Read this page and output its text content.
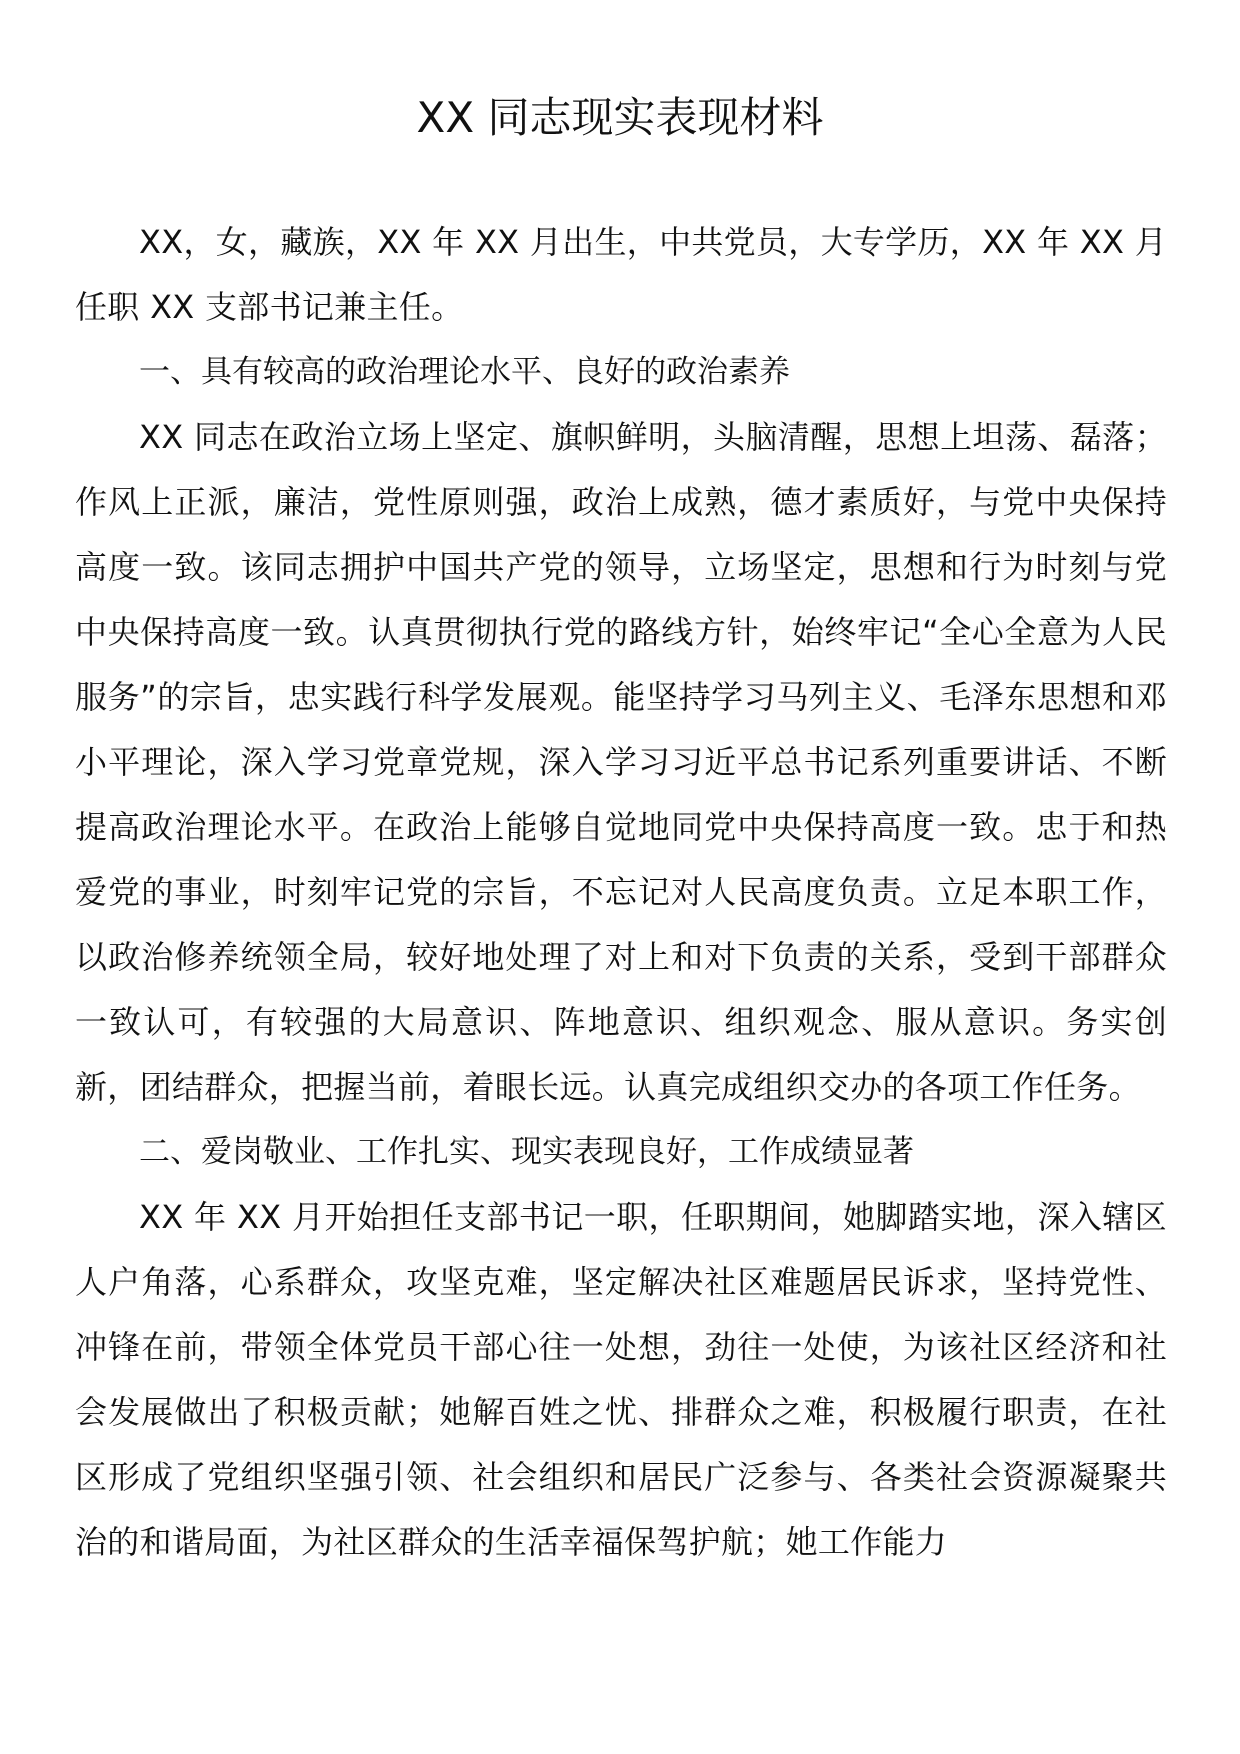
XX 同志现实表现材料

XX，女，藏族，XX 年 XX 月出生，中共党员，大专学历，XX 年 XX 月任职 XX 支部书记兼主任。

一、具有较高的政治理论水平、良好的政治素养

XX 同志在政治立场上坚定、旗帜鲜明，头脑清醒，思想上坦荡、磊落；作风上正派，廉洁，党性原则强，政治上成熟，德才素质好，与党中央保持高度一致。该同志拥护中国共产党的领导，立场坚定，思想和行为时刻与党中央保持高度一致。认真贯彻执行党的路线方针，始终牢记“全心全意为人民服务”的宗旨，忠实践行科学发展观。能坚持学习马列主义、毛泽东思想和邓小平理论，深入学习党章党规，深入学习习近平总书记系列重要讲话、不断提高政治理论水平。在政治上能够自觉地同党中央保持高度一致。忠于和热爱党的事业，时刻牢记党的宗旨，不忘记对人民高度负责。立足本职工作，以政治修养统领全局，较好地处理了对上和对下负责的关系，受到干部群众一致认可，有较强的大局意识、阵地意识、组织观念、服从意识。务实创新，团结群众，把握当前，着眼长远。认真完成组织交办的各项工作任务。

二、爱岗敬业、工作扎实、现实表现良好，工作成绩显著

XX 年 XX 月开始担任支部书记一职，任职期间，她脚踏实地，深入辖区人户角落，心系群众，攻坚克难，坚定解决社区难题居民诉求，坚持党性、冲锋在前，带领全体党员干部心往一处想，劲往一处使，为该社区经济和社会发展做出了积极贡献；她解百姓之忧、排群众之难，积极履行职责，在社区形成了党组织坚强引领、社会组织和居民广泛参与、各类社会资源凝聚共治的和谐局面，为社区群众的生活幸福保驾护航；她工作能力
